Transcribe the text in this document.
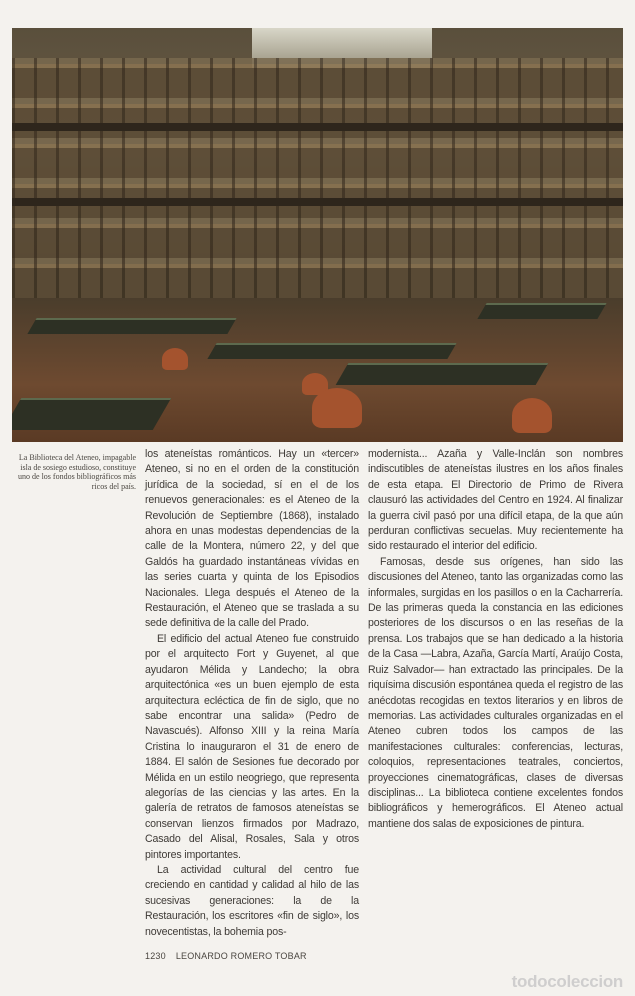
La Biblioteca del Ateneo, impagable isla de sosiego estudioso, constituye uno de los fondos bibliográficos más ricos del país.

los ateneístas románticos. Hay un «tercer» Ateneo, si no en el orden de la constitución jurídica de la sociedad, sí en el de los renuevos generacionales: es el Ateneo de la Revolución de Septiembre (1868), instalado ahora en unas modestas dependencias de la calle de la Montera, número 22, y del que Galdós ha guardado instantáneas vívidas en las series cuarta y quinta de los Episodios Nacionales. Llega después el Ateneo de la Restauración, el Ateneo que se traslada a su sede definitiva de la calle del Prado.

El edificio del actual Ateneo fue construido por el arquitecto Fort y Guyenet, al que ayudaron Mélida y Landecho; la obra arquitectónica «es un buen ejemplo de esta arquitectura ecléctica de fin de siglo, que no sabe encontrar una salida» (Pedro de Navascués). Alfonso XIII y la reina María Cristina lo inauguraron el 31 de enero de 1884. El salón de Sesiones fue decorado por Mélida en un estilo neogriego, que representa alegorías de las ciencias y las artes. En la galería de retratos de famosos ateneístas se conservan lienzos firmados por Madrazo, Casado del Alisal, Rosales, Sala y otros pintores importantes.

La actividad cultural del centro fue creciendo en cantidad y calidad al hilo de las sucesivas generaciones: la de la Restauración, los escritores «fin de siglo», los novecentistas, la bohemia pos-

modernista... Azaña y Valle-Inclán son nombres indiscutibles de ateneístas ilustres en los años finales de esta etapa. El Directorio de Primo de Rivera clausuró las actividades del Centro en 1924. Al finalizar la guerra civil pasó por una difícil etapa, de la que aún perduran conflictivas secuelas. Muy recientemente ha sido restaurado el interior del edificio.

Famosas, desde sus orígenes, han sido las discusiones del Ateneo, tanto las organizadas como las informales, surgidas en los pasillos o en la Cacharrería. De las primeras queda la constancia en las ediciones posteriores de los discursos o en las reseñas de la prensa. Los trabajos que se han dedicado a la historia de la Casa —Labra, Azaña, García Martí, Araújo Costa, Ruiz Salvador— han extractado las principales. De la riquísima discusión espontánea queda el registro de las anécdotas recogidas en textos literarios y en libros de memorias. Las actividades culturales organizadas en el Ateneo cubren todos los campos de las manifestaciones culturales: conferencias, lecturas, coloquios, representaciones teatrales, conciertos, proyecciones cinematográficas, clases de diversas disciplinas... La biblioteca contiene excelentes fondos bibliográficos y hemerográficos. El Ateneo actual mantiene dos salas de exposiciones de pintura.

1230 LEONARDO ROMERO TOBAR
todocoleccion
